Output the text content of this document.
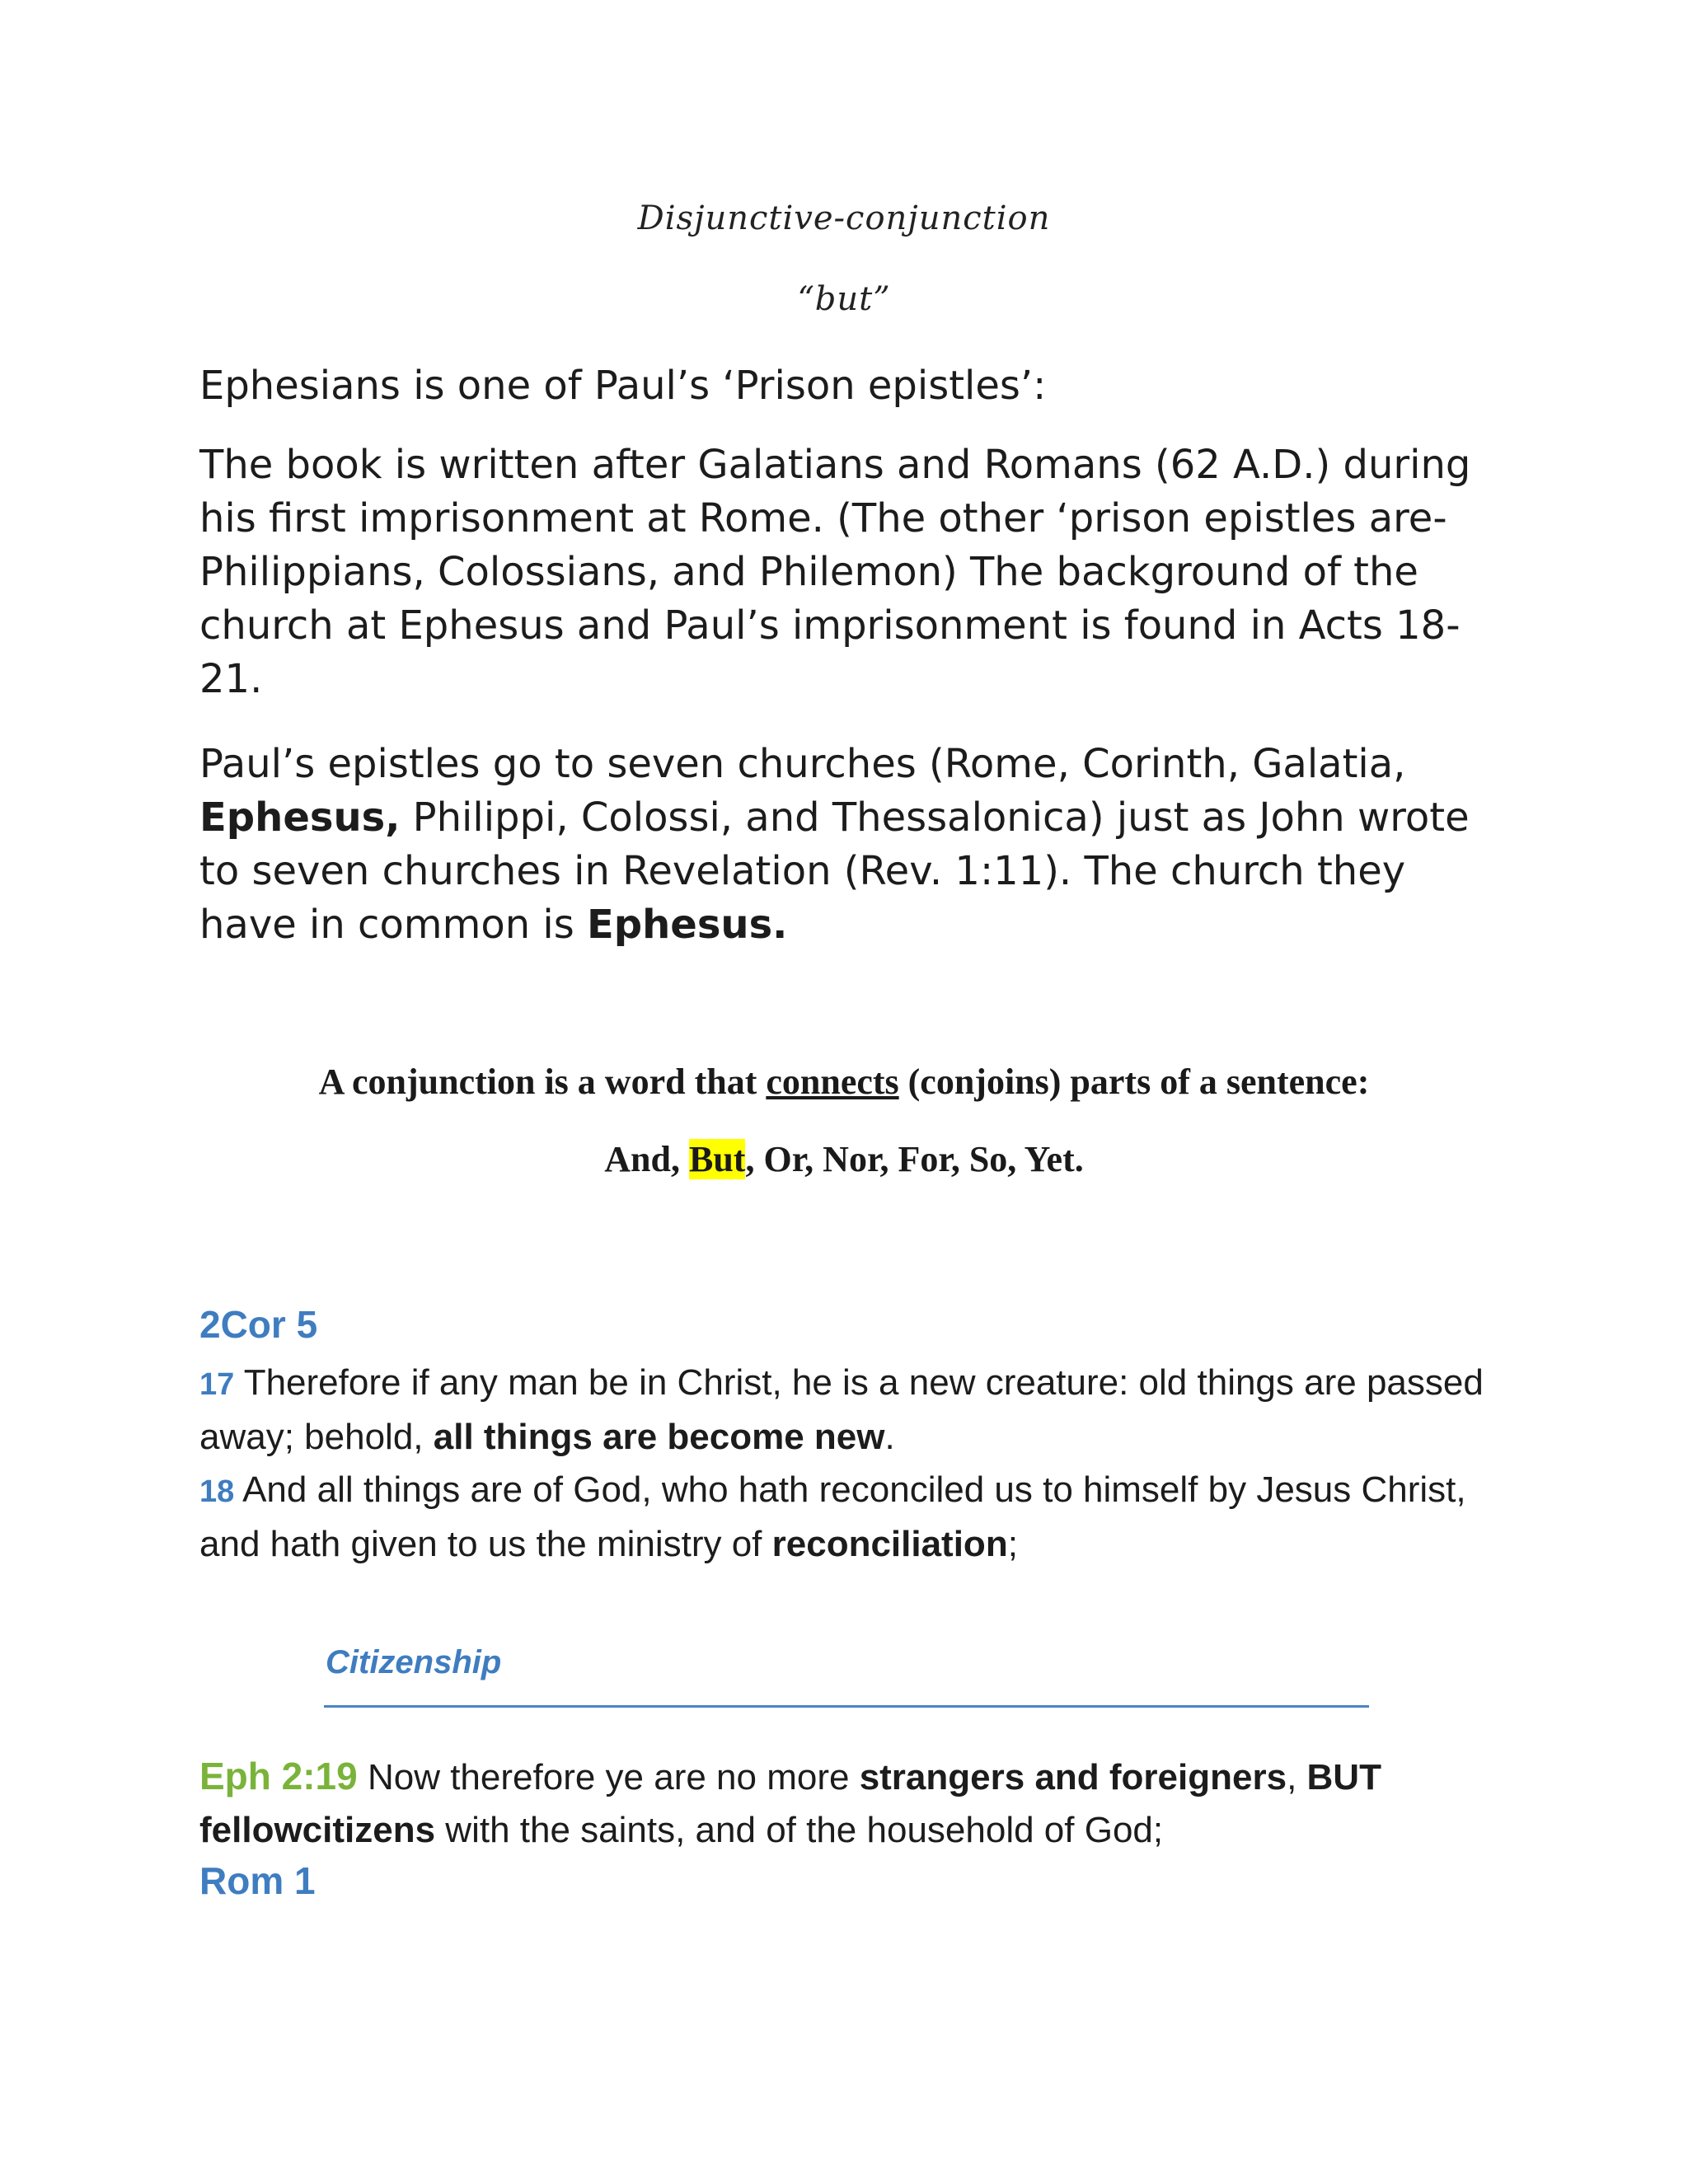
Disjunctive-conjunction
“but”
Ephesians is one of Paul’s ‘Prison epistles’:
The book is written after Galatians and Romans (62 A.D.) during his first imprisonment at Rome. (The other ‘prison epistles are-Philippians, Colossians, and Philemon) The background of the church at Ephesus and Paul’s imprisonment is found in Acts 18-21.
Paul’s epistles go to seven churches (Rome, Corinth, Galatia, Ephesus, Philippi, Colossi, and Thessalonica) just as John wrote to seven churches in Revelation (Rev. 1:11). The church they have in common is Ephesus.
A conjunction is a word that connects (conjoins) parts of a sentence:
And, But, Or, Nor, For, So, Yet.
2Cor 5
17 Therefore if any man be in Christ, he is a new creature: old things are passed away; behold, all things are become new.
18 And all things are of God, who hath reconciled us to himself by Jesus Christ, and hath given to us the ministry of reconciliation;
Citizenship
Eph 2:19 Now therefore ye are no more strangers and foreigners, BUT fellowcitizens with the saints, and of the household of God;
Rom 1
